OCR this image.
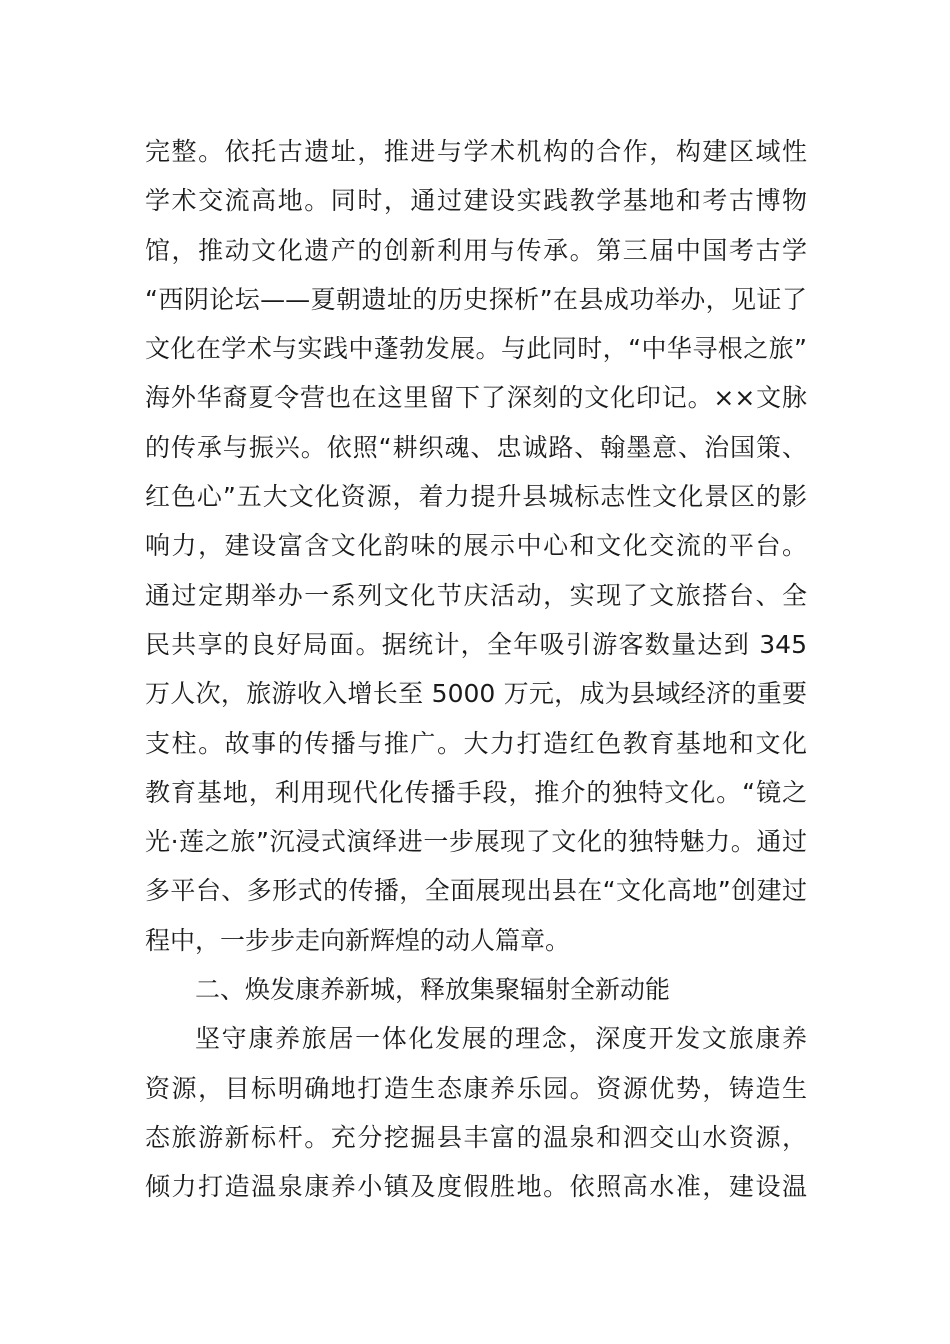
完整。依托古遗址，推进与学术机构的合作，构建区域性
学术交流高地。同时，通过建设实践教学基地和考古博物
馆，推动文化遗产的创新利用与传承。第三届中国考古学
“西阴论坛——夏朝遗址的历史探析”在县成功举办，见证了
文化在学术与实践中蓬勃发展。与此同时，“中华寻根之旅”
海外华裔夏令营也在这里留下了深刻的文化印记。××文脉
的传承与振兴。依照“耕织魂、忠诚路、翰墨意、治国策、
红色心”五大文化资源，着力提升县城标志性文化景区的影
响力，建设富含文化韵味的展示中心和文化交流的平台。
通过定期举办一系列文化节庆活动，实现了文旅搭台、全
民共享的良好局面。据统计，全年吸引游客数量达到 345
万人次，旅游收入增长至 5000 万元，成为县域经济的重要
支柱。故事的传播与推广。大力打造红色教育基地和文化
教育基地，利用现代化传播手段，推介的独特文化。“镜之
光·莲之旅”沉浸式演绎进一步展现了文化的独特魅力。通过
多平台、多形式的传播，全面展现出县在“文化高地”创建过
程中，一步步走向新辉煌的动人篇章。
二、焕发康养新城，释放集聚辐射全新动能
坚守康养旅居一体化发展的理念，深度开发文旅康养
资源，目标明确地打造生态康养乐园。资源优势，铸造生
态旅游新标杆。充分挖掘县丰富的温泉和泗交山水资源，
倾力打造温泉康养小镇及度假胜地。依照高水准，建设温
